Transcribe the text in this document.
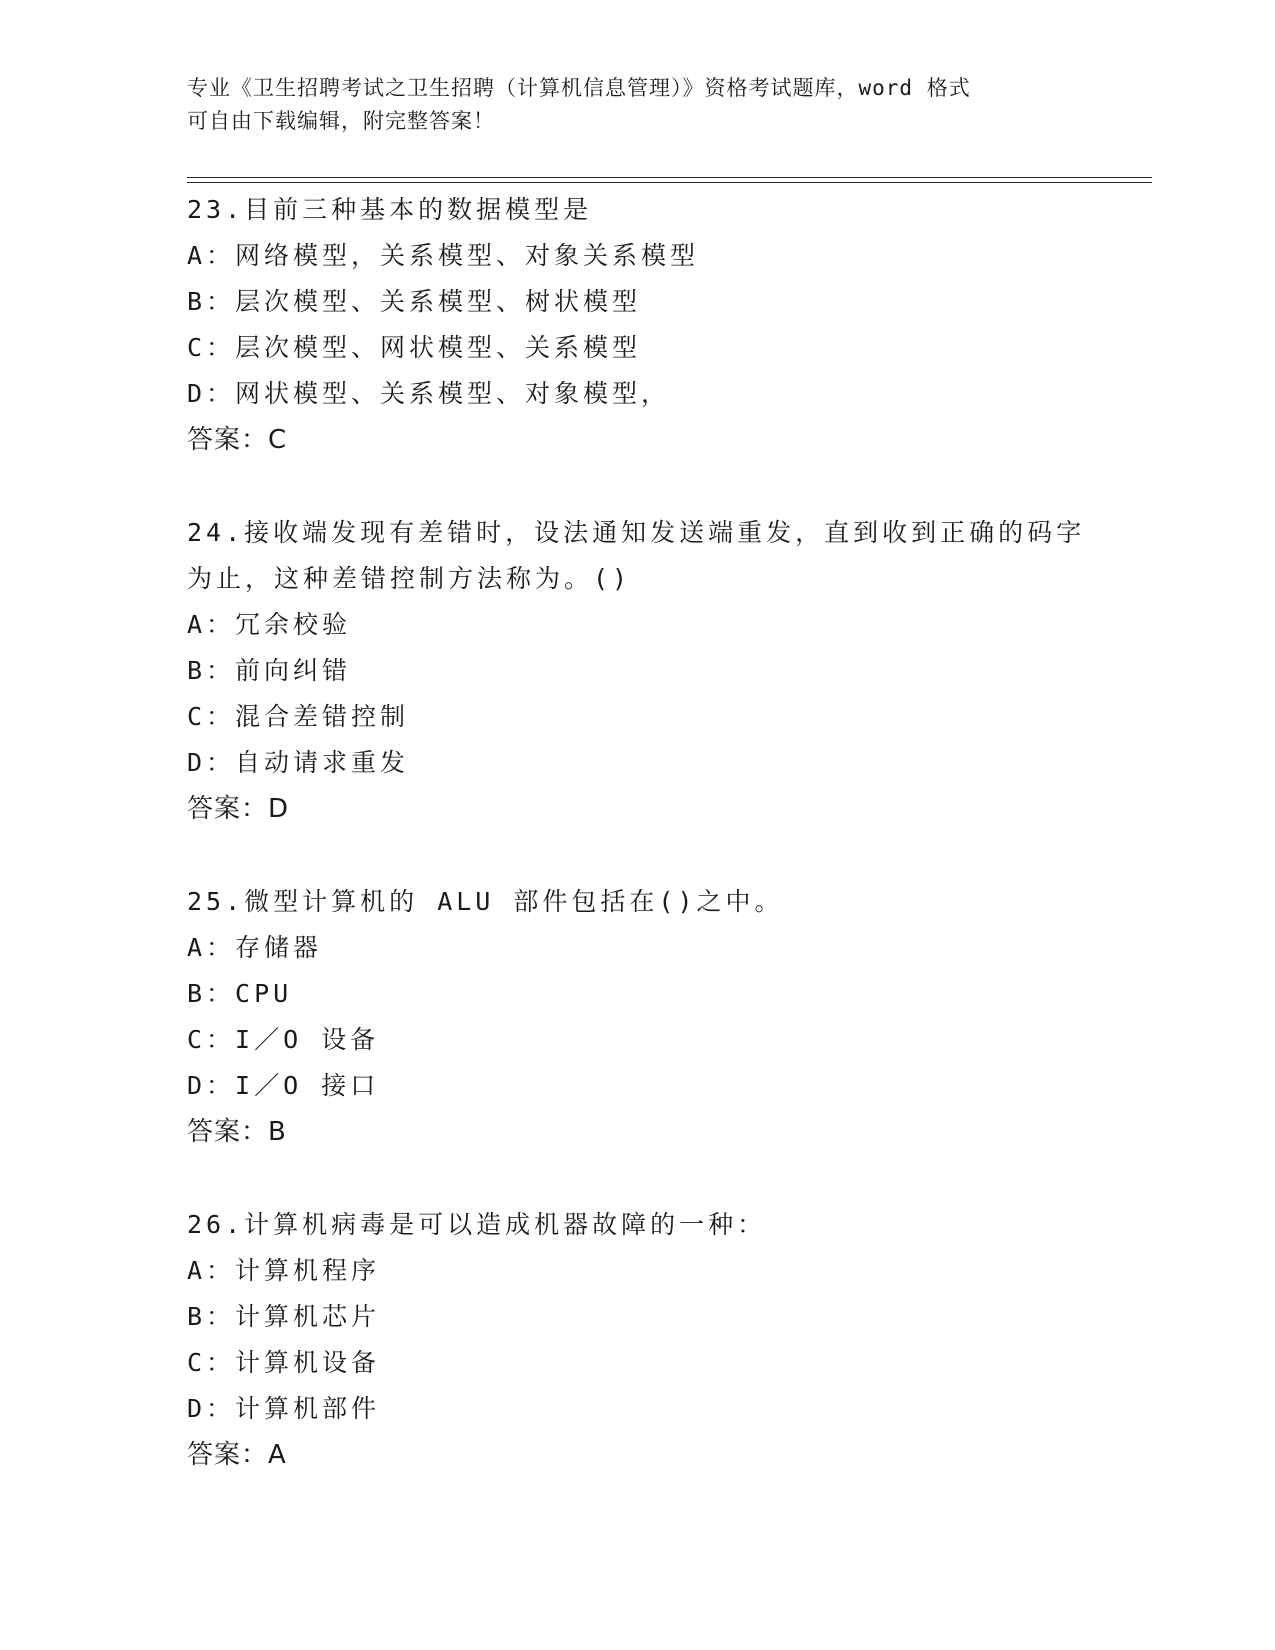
专业《卫生招聘考试之卫生招聘（计算机信息管理）》资格考试题库，word 格式
可自由下载编辑，附完整答案！
23.目前三种基本的数据模型是
A：网络模型，关系模型、对象关系模型
B：层次模型、关系模型、树状模型
C：层次模型、网状模型、关系模型
D：网状模型、关系模型、对象模型，
答案：C
24.接收端发现有差错时，设法通知发送端重发，直到收到正确的码字
为止，这种差错控制方法称为。()
A：冗余校验
B：前向纠错
C：混合差错控制
D：自动请求重发
答案：D
25.微型计算机的 ALU 部件包括在()之中。
A：存储器
B：CPU
C：I／O 设备
D：I／O 接口
答案：B
26.计算机病毒是可以造成机器故障的一种：
A：计算机程序
B：计算机芯片
C：计算机设备
D：计算机部件
答案：A
